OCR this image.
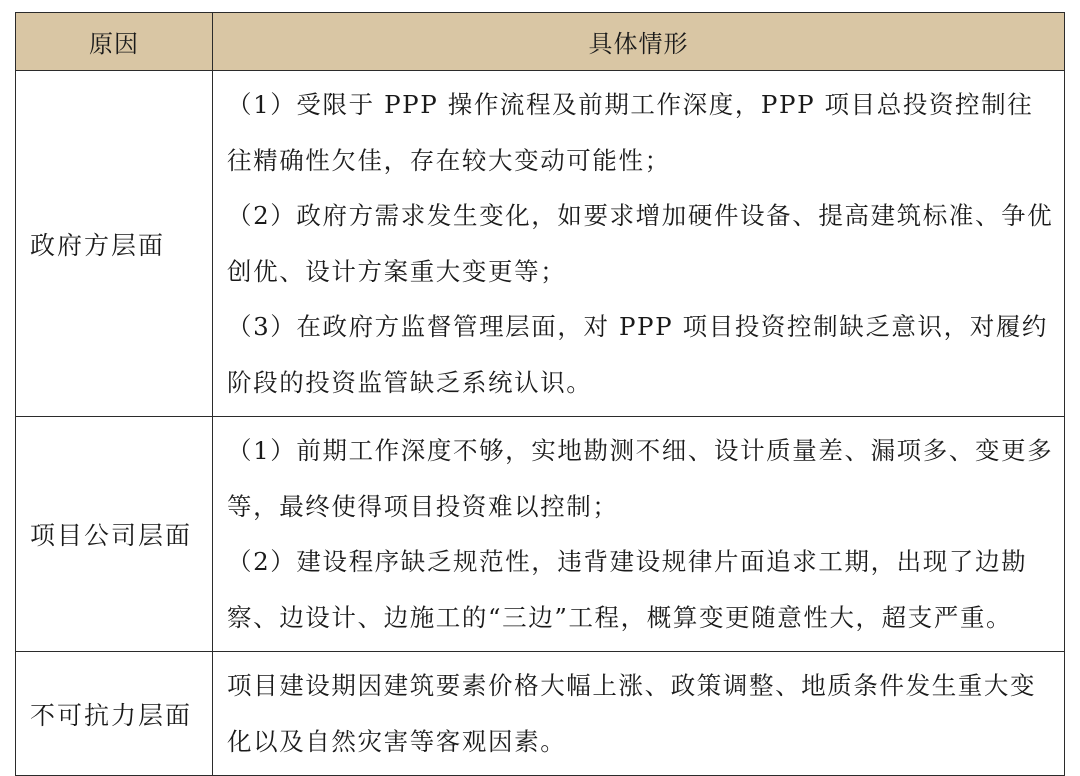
原因	具体情形
政府方层面	（1）受限于 PPP 操作流程及前期工作深度，PPP 项目总投资控制往往精确性欠佳，存在较大变动可能性；

（2）政府方需求发生变化，如要求增加硬件设备、提高建筑标准、争优创优、设计方案重大变更等；

（3）在政府方监督管理层面，对 PPP 项目投资控制缺乏意识，对履约阶段的投资监管缺乏系统认识。

项目公司层面	（1）前期工作深度不够，实地勘测不细、设计质量差、漏项多、变更多等，最终使得项目投资难以控制；

（2）建设程序缺乏规范性，违背建设规律片面追求工期，出现了边勘察、边设计、边施工的“三边”工程，概算变更随意性大，超支严重。

不可抗力层面	项目建设期因建筑要素价格大幅上涨、政策调整、地质条件发生重大变化以及自然灾害等客观因素。
